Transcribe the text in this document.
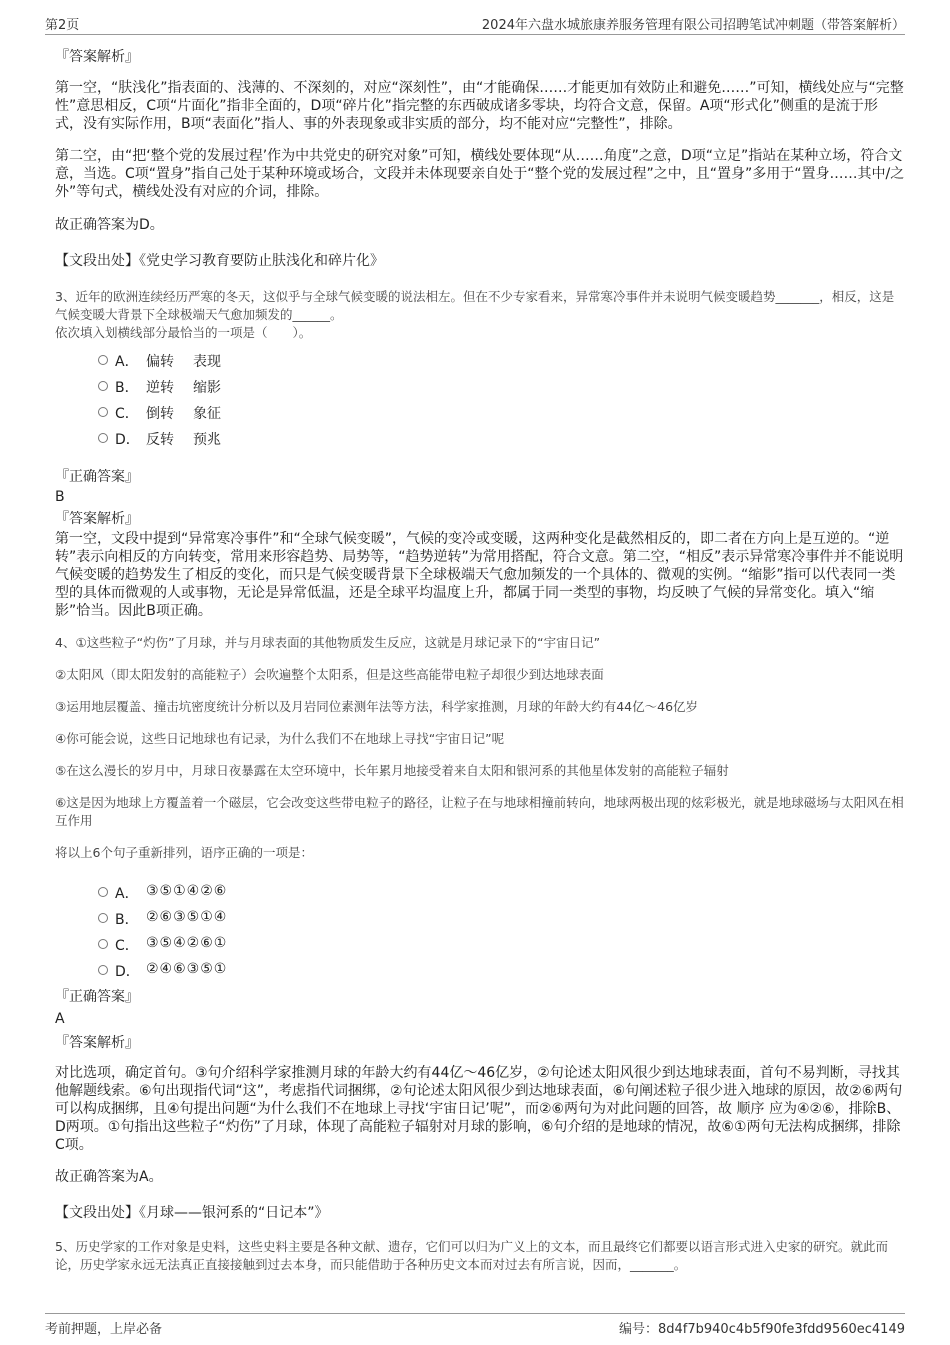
第2页	2024年六盘水城旅康养服务管理有限公司招聘笔试冲刺题（带答案解析）
『答案解析』

第一空，“肤浅化”指表面的、浅薄的、不深刻的，对应“深刻性”，由“才能确保……才能更加有效防止和避免……”可知，横线处应与“完整性”意思相反，C项“片面化”指非全面的，D项“碎片化”指完整的东西破成诸多零块，均符合文意，保留。A项“形式化”侧重的是流于形式，没有实际作用，B项“表面化”指人、事的外表现象或非实质的部分，均不能对应“完整性”，排除。

第二空，由“把‘整个党的发展过程’作为中共党史的研究对象”可知，横线处要体现“从……角度”之意，D项“立足”指站在某种立场，符合文意，当选。C项“置身”指自己处于某种环境或场合，文段并未体现要亲自处于“整个党的发展过程”之中，且“置身”多用于“置身……其中/之外”等句式，横线处没有对应的介词，排除。

故正确答案为D。

【文段出处】《党史学习教育要防止肤浅化和碎片化》

3、近年的欧洲连续经历严寒的冬天，这似乎与全球气候变暖的说法相左。但在不少专家看来，异常寒冷事件并未说明气候变暖趋势_______，相反，这是气候变暖大背景下全球极端天气愈加频发的______。

依次填入划横线部分最恰当的一项是（　　）。

A． 偏转 表现
B． 逆转 缩影
C． 倒转 象征
D． 反转 预兆
『正确答案』
B
『答案解析』

第一空，文段中提到“异常寒冷事件”和“全球气候变暖”，气候的变冷或变暖，这两种变化是截然相反的，即二者在方向上是互逆的。“逆转”表示向相反的方向转变，常用来形容趋势、局势等，“趋势逆转”为常用搭配，符合文意。第二空，“相反”表示异常寒冷事件并不能说明气候变暖的趋势发生了相反的变化，而只是气候变暖背景下全球极端天气愈加频发的一个具体的、微观的实例。“缩影”指可以代表同一类型的具体而微观的人或事物，无论是异常低温，还是全球平均温度上升，都属于同一类型的事物，均反映了气候的异常变化。填入“缩影”恰当。因此B项正确。

4、①这些粒子“灼伤”了月球，并与月球表面的其他物质发生反应，这就是月球记录下的“宇宙日记”

②太阳风（即太阳发射的高能粒子）会吹遍整个太阳系，但是这些高能带电粒子却很少到达地球表面

③运用地层覆盖、撞击坑密度统计分析以及月岩同位素测年法等方法，科学家推测，月球的年龄大约有44亿～46亿岁

④你可能会说，这些日记地球也有记录，为什么我们不在地球上寻找“宇宙日记”呢

⑤在这么漫长的岁月中，月球日夜暴露在太空环境中，长年累月地接受着来自太阳和银河系的其他星体发射的高能粒子辐射

⑥这是因为地球上方覆盖着一个磁层，它会改变这些带电粒子的路径，让粒子在与地球相撞前转向，地球两极出现的炫彩极光，就是地球磁场与太阳风在相互作用

将以上6个句子重新排列，语序正确的一项是：

A． ③⑤①④②⑥
B． ②⑥③⑤①④
C． ③⑤④②⑥①
D． ②④⑥③⑤①
『正确答案』
A
『答案解析』

对比选项，确定首句。③句介绍科学家推测月球的年龄大约有44亿～46亿岁，②句论述太阳风很少到达地球表面，首句不易判断，寻找其他解题线索。⑥句出现指代词“这”，考虑指代词捆绑，②句论述太阳风很少到达地球表面，⑥句阐述粒子很少进入地球的原因，故②⑥两句可以构成捆绑，且④句提出问题“为什么我们不在地球上寻找‘宇宙日记’呢”，而②⑥两句为对此问题的回答，故 顺序 应为④②⑥，排除B、D两项。①句指出这些粒子“灼伤”了月球，体现了高能粒子辐射对月球的影响，⑥句介绍的是地球的情况，故⑥①两句无法构成捆绑，排除C项。

故正确答案为A。

【文段出处】《月球——银河系的“日记本”》

5、历史学家的工作对象是史料，这些史料主要是各种文献、遗存，它们可以归为广义上的文本，而且最终它们都要以语言形式进入史家的研究。就此而论，历史学家永远无法真正直接接触到过去本身，而只能借助于各种历史文本而对过去有所言说，因而，_______。

考前押题，上岸必备	编号：8d4f7b940c4b5f90fe3fdd9560ec4149
